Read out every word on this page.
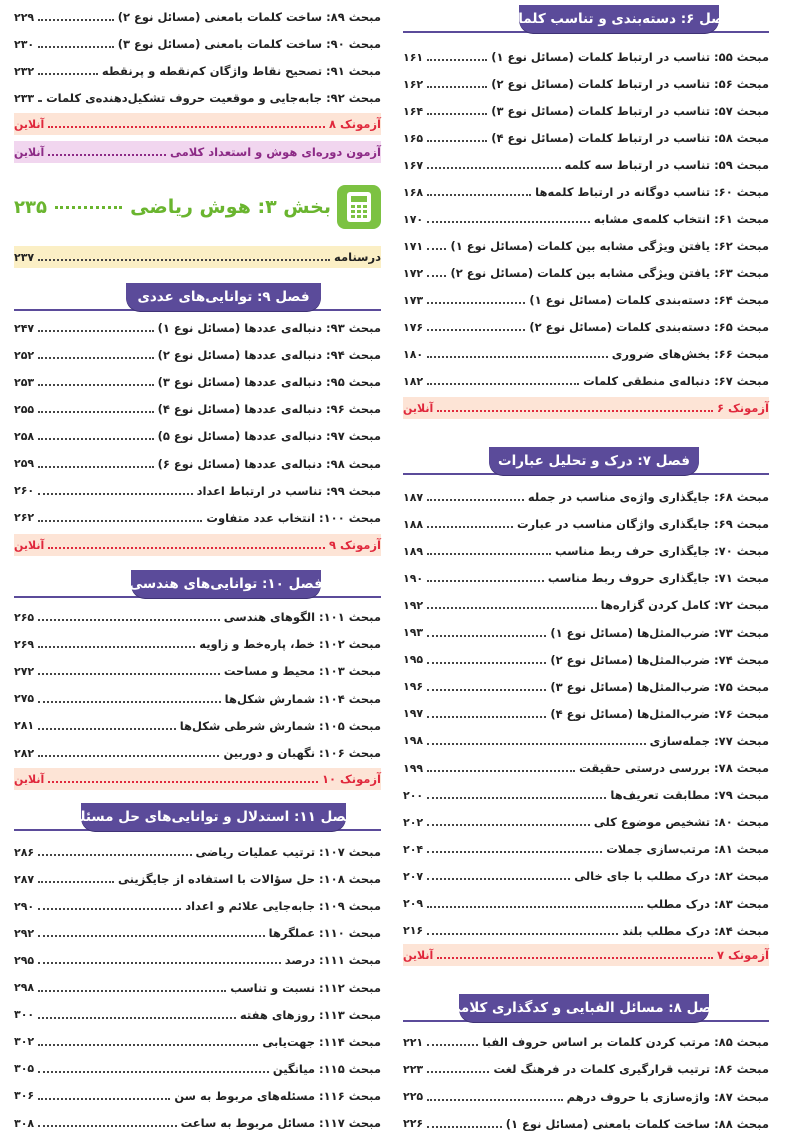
فصل ۶: دسته‌بندی و تناسب کلمات
مبحث ۵۵: تناسب در ارتباط کلمات (مسائل نوع ۱)
۱۶۱
مبحث ۵۶: تناسب در ارتباط کلمات (مسائل نوع ۲)
۱۶۲
مبحث ۵۷: تناسب در ارتباط کلمات (مسائل نوع ۳)
۱۶۴
مبحث ۵۸: تناسب در ارتباط کلمات (مسائل نوع ۴)
۱۶۵
مبحث ۵۹: تناسب در ارتباط سه کلمه
۱۶۷
مبحث ۶۰: تناسب دوگانه در ارتباط کلمه‌ها
۱۶۸
مبحث ۶۱: انتخاب کلمه‌ی مشابه
۱۷۰
مبحث ۶۲: یافتن ویژگی مشابه بین کلمات (مسائل نوع ۱)
۱۷۱
مبحث ۶۳: یافتن ویژگی مشابه بین کلمات (مسائل نوع ۲)
۱۷۲
مبحث ۶۴: دسته‌بندی کلمات (مسائل نوع ۱)
۱۷۳
مبحث ۶۵: دسته‌بندی کلمات (مسائل نوع ۲)
۱۷۶
مبحث ۶۶: بخش‌های ضروری
۱۸۰
مبحث ۶۷: دنباله‌ی منطقی کلمات
۱۸۲
آزمونک ۶
آنلاین
فصل ۷: درک و تحلیل عبارات
مبحث ۶۸: جایگذاری واژه‌ی مناسب در جمله
۱۸۷
مبحث ۶۹: جایگذاری واژگان مناسب در عبارت
۱۸۸
مبحث ۷۰: جایگذاری حرف ربط مناسب
۱۸۹
مبحث ۷۱: جایگذاری حروف ربط مناسب
۱۹۰
مبحث ۷۲: کامل کردن گزاره‌ها
۱۹۲
مبحث ۷۳: ضرب‌المثل‌ها (مسائل نوع ۱)
۱۹۳
مبحث ۷۴: ضرب‌المثل‌ها (مسائل نوع ۲)
۱۹۵
مبحث ۷۵: ضرب‌المثل‌ها (مسائل نوع ۳)
۱۹۶
مبحث ۷۶: ضرب‌المثل‌ها (مسائل نوع ۴)
۱۹۷
مبحث ۷۷: جمله‌سازی
۱۹۸
مبحث ۷۸: بررسی درستی حقیقت
۱۹۹
مبحث ۷۹: مطابقت تعریف‌ها
۲۰۰
مبحث ۸۰: تشخیص موضوع کلی
۲۰۲
مبحث ۸۱: مرتب‌سازی جملات
۲۰۴
مبحث ۸۲: درک مطلب با جای خالی
۲۰۷
مبحث ۸۳: درک مطلب
۲۰۹
مبحث ۸۴: درک مطلب بلند
۲۱۶
آزمونک ۷
آنلاین
فصل ۸: مسائل الفبایی و کدگذاری کلامی
مبحث ۸۵: مرتب کردن کلمات بر اساس حروف الفبا
۲۲۱
مبحث ۸۶: ترتیب قرارگیری کلمات در فرهنگ لغت
۲۲۳
مبحث ۸۷: واژه‌سازی با حروف درهم
۲۲۵
مبحث ۸۸: ساخت کلمات بامعنی (مسائل نوع ۱)
۲۲۶
مبحث ۸۹: ساخت کلمات بامعنی (مسائل نوع ۲)
۲۲۹
مبحث ۹۰: ساخت کلمات بامعنی (مسائل نوع ۳)
۲۳۰
مبحث ۹۱: تصحیح نقاط واژگان کم‌نقطه و پرنقطه
۲۳۲
مبحث ۹۲: جابه‌جایی و موقعیت حروف تشکیل‌دهنده‌ی کلمات
۲۳۳
آزمونک ۸
آنلاین
آزمون دوره‌ای هوش و استعداد کلامی
آنلاین
بخش ۳: هوش ریاضی
۲۳۵
درسنامه
۲۳۷
فصل ۹: توانایی‌های عددی
مبحث ۹۳: دنباله‌ی عددها (مسائل نوع ۱)
۲۴۷
مبحث ۹۴: دنباله‌ی عددها (مسائل نوع ۲)
۲۵۲
مبحث ۹۵: دنباله‌ی عددها (مسائل نوع ۳)
۲۵۳
مبحث ۹۶: دنباله‌ی عددها (مسائل نوع ۴)
۲۵۵
مبحث ۹۷: دنباله‌ی عددها (مسائل نوع ۵)
۲۵۸
مبحث ۹۸: دنباله‌ی عددها (مسائل نوع ۶)
۲۵۹
مبحث ۹۹: تناسب در ارتباط اعداد
۲۶۰
مبحث ۱۰۰: انتخاب عدد متفاوت
۲۶۲
آزمونک ۹
آنلاین
فصل ۱۰: توانایی‌های هندسی
مبحث ۱۰۱: الگوهای هندسی
۲۶۵
مبحث ۱۰۲: خط، پاره‌خط و زاویه
۲۶۹
مبحث ۱۰۳: محیط و مساحت
۲۷۲
مبحث ۱۰۴: شمارش شکل‌ها
۲۷۵
مبحث ۱۰۵: شمارش شرطی شکل‌ها
۲۸۱
مبحث ۱۰۶: نگهبان و دوربین
۲۸۲
آزمونک ۱۰
آنلاین
فصل ۱۱: استدلال و توانایی‌های حل مسئله
مبحث ۱۰۷: ترتیب عملیات ریاضی
۲۸۶
مبحث ۱۰۸: حل سؤالات با استفاده از جایگزینی
۲۸۷
مبحث ۱۰۹: جابه‌جایی علائم و اعداد
۲۹۰
مبحث ۱۱۰: عملگرها
۲۹۲
مبحث ۱۱۱: درصد
۲۹۵
مبحث ۱۱۲: نسبت و تناسب
۲۹۸
مبحث ۱۱۳: روزهای هفته
۳۰۰
مبحث ۱۱۴: جهت‌یابی
۳۰۲
مبحث ۱۱۵: میانگین
۳۰۵
مبحث ۱۱۶: مسئله‌های مربوط به سن
۳۰۶
مبحث ۱۱۷: مسائل مربوط به ساعت
۳۰۸
